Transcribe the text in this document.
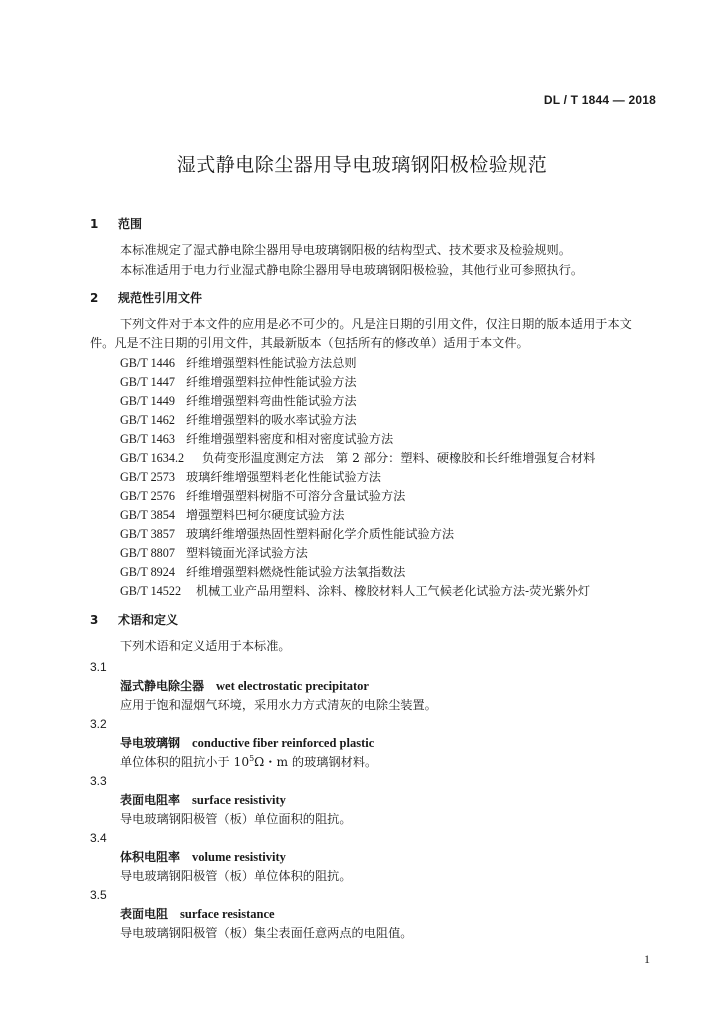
DL / T 1844 — 2018
湿式静电除尘器用导电玻璃钢阳极检验规范
1 范围
本标准规定了湿式静电除尘器用导电玻璃钢阳极的结构型式、技术要求及检验规则。
本标准适用于电力行业湿式静电除尘器用导电玻璃钢阳极检验，其他行业可参照执行。
2 规范性引用文件
下列文件对于本文件的应用是必不可少的。凡是注日期的引用文件，仅注日期的版本适用于本文
件。凡是不注日期的引用文件，其最新版本（包括所有的修改单）适用于本文件。
GB/T 1446 纤维增强塑料性能试验方法总则
GB/T 1447 纤维增强塑料拉伸性能试验方法
GB/T 1449 纤维增强塑料弯曲性能试验方法
GB/T 1462 纤维增强塑料的吸水率试验方法
GB/T 1463 纤维增强塑料密度和相对密度试验方法
GB/T 1634.2 负荷变形温度测定方法　第 2 部分：塑料、硬橡胶和长纤维增强复合材料
GB/T 2573 玻璃纤维增强塑料老化性能试验方法
GB/T 2576 纤维增强塑料树脂不可溶分含量试验方法
GB/T 3854 增强塑料巴柯尔硬度试验方法
GB/T 3857 玻璃纤维增强热固性塑料耐化学介质性能试验方法
GB/T 8807 塑料镜面光泽试验方法
GB/T 8924 纤维增强塑料燃烧性能试验方法氧指数法
GB/T 14522 机械工业产品用塑料、涂料、橡胶材料人工气候老化试验方法-荧光紫外灯
3 术语和定义
下列术语和定义适用于本标准。
3.1
湿式静电除尘器 wet electrostatic precipitator
应用于饱和湿烟气环境，采用水力方式清灰的电除尘装置。
3.2
导电玻璃钢 conductive fiber reinforced plastic
单位体积的阻抗小于 $10^5\Omega$・m 的玻璃钢材料。
3.3
表面电阻率 surface resistivity
导电玻璃钢阳极管（板）单位面积的阻抗。
3.4
体积电阻率 volume resistivity
导电玻璃钢阳极管（板）单位体积的阻抗。
3.5
表面电阻 surface resistance
导电玻璃钢阳极管（板）集尘表面任意两点的电阻值。
1
